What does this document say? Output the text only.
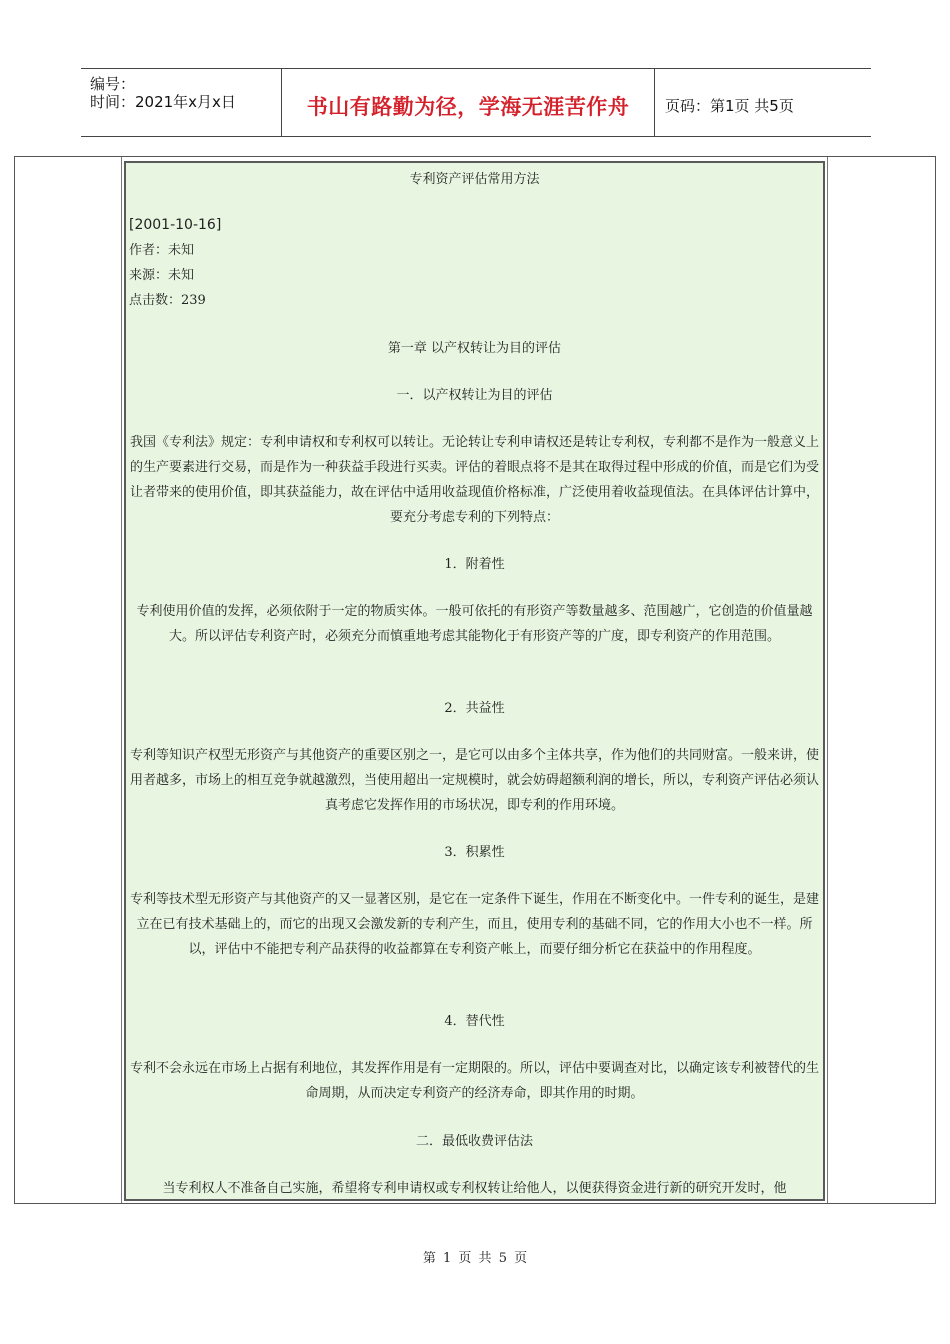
编号：
时间：2021年x月x日	书山有路勤为径，学海无涯苦作舟	页码：第1页 共5页
专利资产评估常用方法
[2001-10-16]
作者：未知
来源：未知
点击数：239
第一章 以产权转让为目的评估
一．以产权转让为目的评估
我国《专利法》规定：专利申请权和专利权可以转让。无论转让专利申请权还是转让专利权，专利都不是作为一般意义上的生产要素进行交易，而是作为一种获益手段进行买卖。评估的着眼点将不是其在取得过程中形成的价值，而是它们为受让者带来的使用价值，即其获益能力，故在评估中适用收益现值价格标准，广泛使用着收益现值法。在具体评估计算中，要充分考虑专利的下列特点：
1．附着性
专利使用价值的发挥，必须依附于一定的物质实体。一般可依托的有形资产等数量越多、范围越广，它创造的价值量越大。所以评估专利资产时，必须充分而慎重地考虑其能物化于有形资产等的广度，即专利资产的作用范围。
2．共益性
专利等知识产权型无形资产与其他资产的重要区别之一，是它可以由多个主体共享，作为他们的共同财富。一般来讲，使用者越多，市场上的相互竞争就越激烈，当使用超出一定规模时，就会妨碍超额利润的增长，所以，专利资产评估必须认真考虑它发挥作用的市场状况，即专利的作用环境。
3．积累性
专利等技术型无形资产与其他资产的又一显著区别，是它在一定条件下诞生，作用在不断变化中。一件专利的诞生，是建立在已有技术基础上的，而它的出现又会激发新的专利产生，而且，使用专利的基础不同，它的作用大小也不一样。所以，评估中不能把专利产品获得的收益都算在专利资产帐上，而要仔细分析它在获益中的作用程度。
4．替代性
专利不会永远在市场上占据有利地位，其发挥作用是有一定期限的。所以，评估中要调查对比，以确定该专利被替代的生命周期，从而决定专利资产的经济寿命，即其作用的时期。
二．最低收费评估法
当专利权人不准备自己实施，希望将专利申请权或专利权转让给他人，以便获得资金进行新的研究开发时，他
第 1 页 共 5 页
